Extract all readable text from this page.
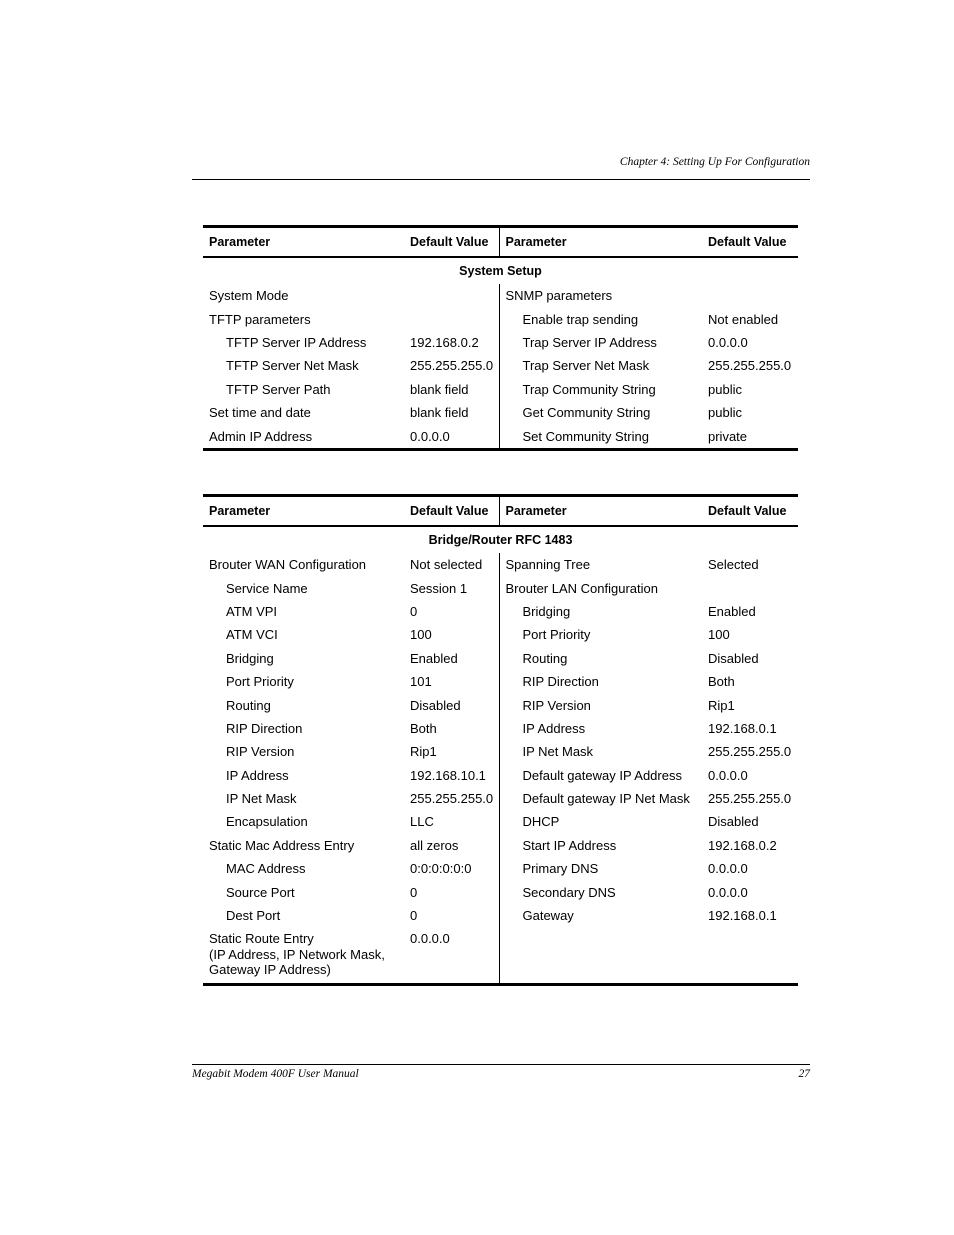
Chapter 4: Setting Up For Configuration
Parameter	Default Value	Parameter	Default Value
System Setup			
System Mode		SNMP parameters	
TFTP parameters		Enable trap sending	Not enabled
TFTP Server IP Address	192.168.0.2	Trap Server IP Address	0.0.0.0
TFTP Server Net Mask	255.255.255.0	Trap Server Net Mask	255.255.255.0
TFTP Server Path	blank field	Trap Community String	public
Set time and date	blank field	Get Community String	public
Admin IP Address	0.0.0.0	Set Community String	private
Parameter	Default Value	Parameter	Default Value
Bridge/Router RFC 1483			
Brouter WAN Configuration	Not selected	Spanning Tree	Selected
Service Name	Session 1	Brouter LAN Configuration	
ATM VPI	0	Bridging	Enabled
ATM VCI	100	Port Priority	100
Bridging	Enabled	Routing	Disabled
Port Priority	101	RIP Direction	Both
Routing	Disabled	RIP Version	Rip1
RIP Direction	Both	IP Address	192.168.0.1
RIP Version	Rip1	IP Net Mask	255.255.255.0
IP Address	192.168.10.1	Default gateway IP Address	0.0.0.0
IP Net Mask	255.255.255.0	Default gateway IP Net Mask	255.255.255.0
Encapsulation	LLC	DHCP	Disabled
Static Mac Address Entry	all zeros	Start IP Address	192.168.0.2
MAC Address	0:0:0:0:0:0	Primary DNS	0.0.0.0
Source Port	0	Secondary DNS	0.0.0.0
Dest Port	0	Gateway	192.168.0.1
Static Route Entry
(IP Address, IP Network Mask,
Gateway IP Address)	0.0.0.0		
Megabit Modem 400F User Manual	27
